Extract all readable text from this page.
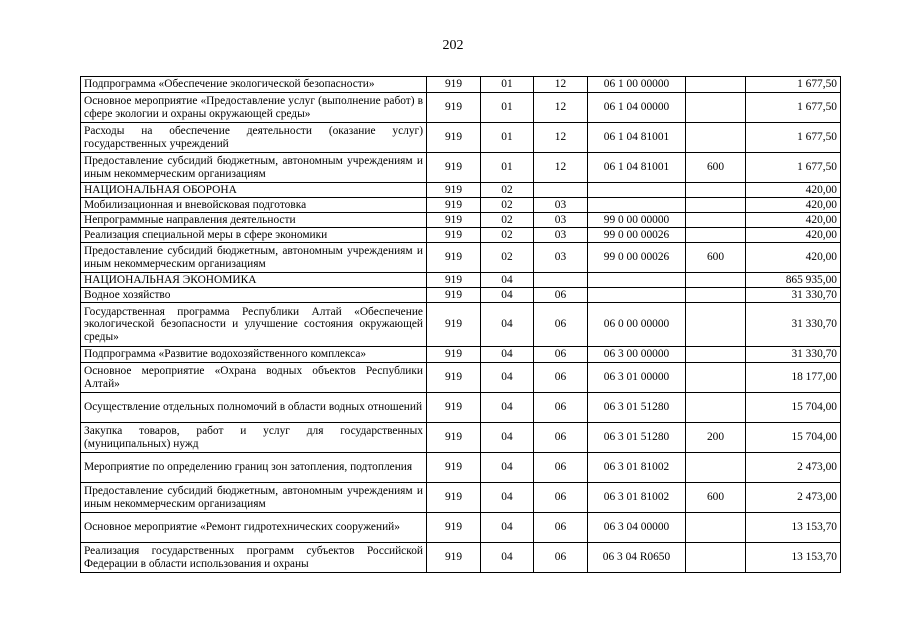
202
Подпрограмма «Обеспечение экологической безопасности»	919	01	12	06 1 00 00000		1 677,50
Основное мероприятие «Предоставление услуг (выполнение работ) в сфере экологии и охраны окружающей среды»	919	01	12	06 1 04 00000		1 677,50
Расходы на обеспечение деятельности (оказание услуг) государственных учреждений	919	01	12	06 1 04 81001		1 677,50
Предоставление субсидий бюджетным, автономным учреждениям и иным некоммерческим организациям	919	01	12	06 1 04 81001	600	1 677,50
НАЦИОНАЛЬНАЯ ОБОРОНА	919	02				420,00
Мобилизационная и вневойсковая подготовка	919	02	03			420,00
Непрограммные направления деятельности	919	02	03	99 0 00 00000		420,00
Реализация специальной меры в сфере экономики	919	02	03	99 0 00 00026		420,00
Предоставление субсидий бюджетным, автономным учреждениям и иным некоммерческим организациям	919	02	03	99 0 00 00026	600	420,00
НАЦИОНАЛЬНАЯ ЭКОНОМИКА	919	04				865 935,00
Водное хозяйство	919	04	06			31 330,70
Государственная программа Республики Алтай «Обеспечение экологической безопасности и улучшение состояния окружающей среды»	919	04	06	06 0 00 00000		31 330,70
Подпрограмма «Развитие водохозяйственного комплекса»	919	04	06	06 3 00 00000		31 330,70
Основное мероприятие «Охрана водных объектов Республики Алтай»	919	04	06	06 3 01 00000		18 177,00
Осуществление отдельных полномочий в области водных отношений	919	04	06	06 3 01 51280		15 704,00
Закупка товаров, работ и услуг для государственных (муниципальных) нужд	919	04	06	06 3 01 51280	200	15 704,00
Мероприятие по определению границ зон затопления, подтопления	919	04	06	06 3 01 81002		2 473,00
Предоставление субсидий бюджетным, автономным учреждениям и иным некоммерческим организациям	919	04	06	06 3 01 81002	600	2 473,00
Основное мероприятие «Ремонт гидротехнических сооружений»	919	04	06	06 3 04 00000		13 153,70
Реализация государственных программ субъектов Российской Федерации в области использования и охраны	919	04	06	06 3 04 R0650		13 153,70
